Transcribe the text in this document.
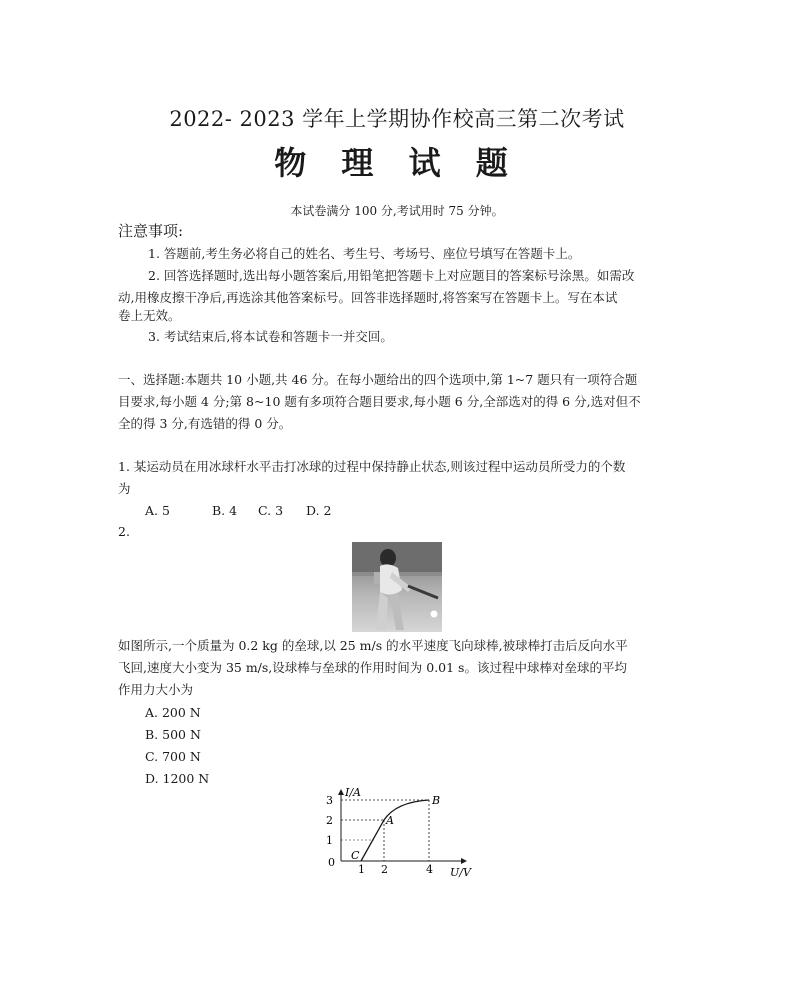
2022- 2023 学年上学期协作校高三第二次考试
物 理 试 题
本试卷满分 100 分,考试用时 75 分钟。
注意事项:
1. 答题前,考生务必将自己的姓名、考生号、考场号、座位号填写在答题卡上。
2. 回答选择题时,选出每小题答案后,用铅笔把答题卡上对应题目的答案标号涂黑。如需改
动,用橡皮擦干净后,再选涂其他答案标号。回答非选择题时,将答案写在答题卡上。写在本试
卷上无效。
3. 考试结束后,将本试卷和答题卡一并交回。
一、选择题:本题共 10 小题,共 46 分。在每小题给出的四个选项中,第 1~7 题只有一项符合题
目要求,每小题 4 分;第 8~10 题有多项符合题目要求,每小题 6 分,全部选对的得 6 分,选对但不
全的得 3 分,有选错的得 0 分。
1. 某运动员在用冰球杆水平击打冰球的过程中保持静止状态,则该过程中运动员所受力的个数
为
A. 5	B. 4 C. 3 D. 2
2.
如图所示,一个质量为 0.2 kg 的垒球,以 25 m/s 的水平速度飞向球棒,被球棒打击后反向水平
飞回,速度大小变为 35 m/s,设球棒与垒球的作用时间为 0.01 s。该过程中球棒对垒球的平均
作用力大小为
A. 200 N
B. 500 N
C. 700 N
D. 1200 N
3
2
1
0
1 2	4
I/A
U/V
A
B
C
